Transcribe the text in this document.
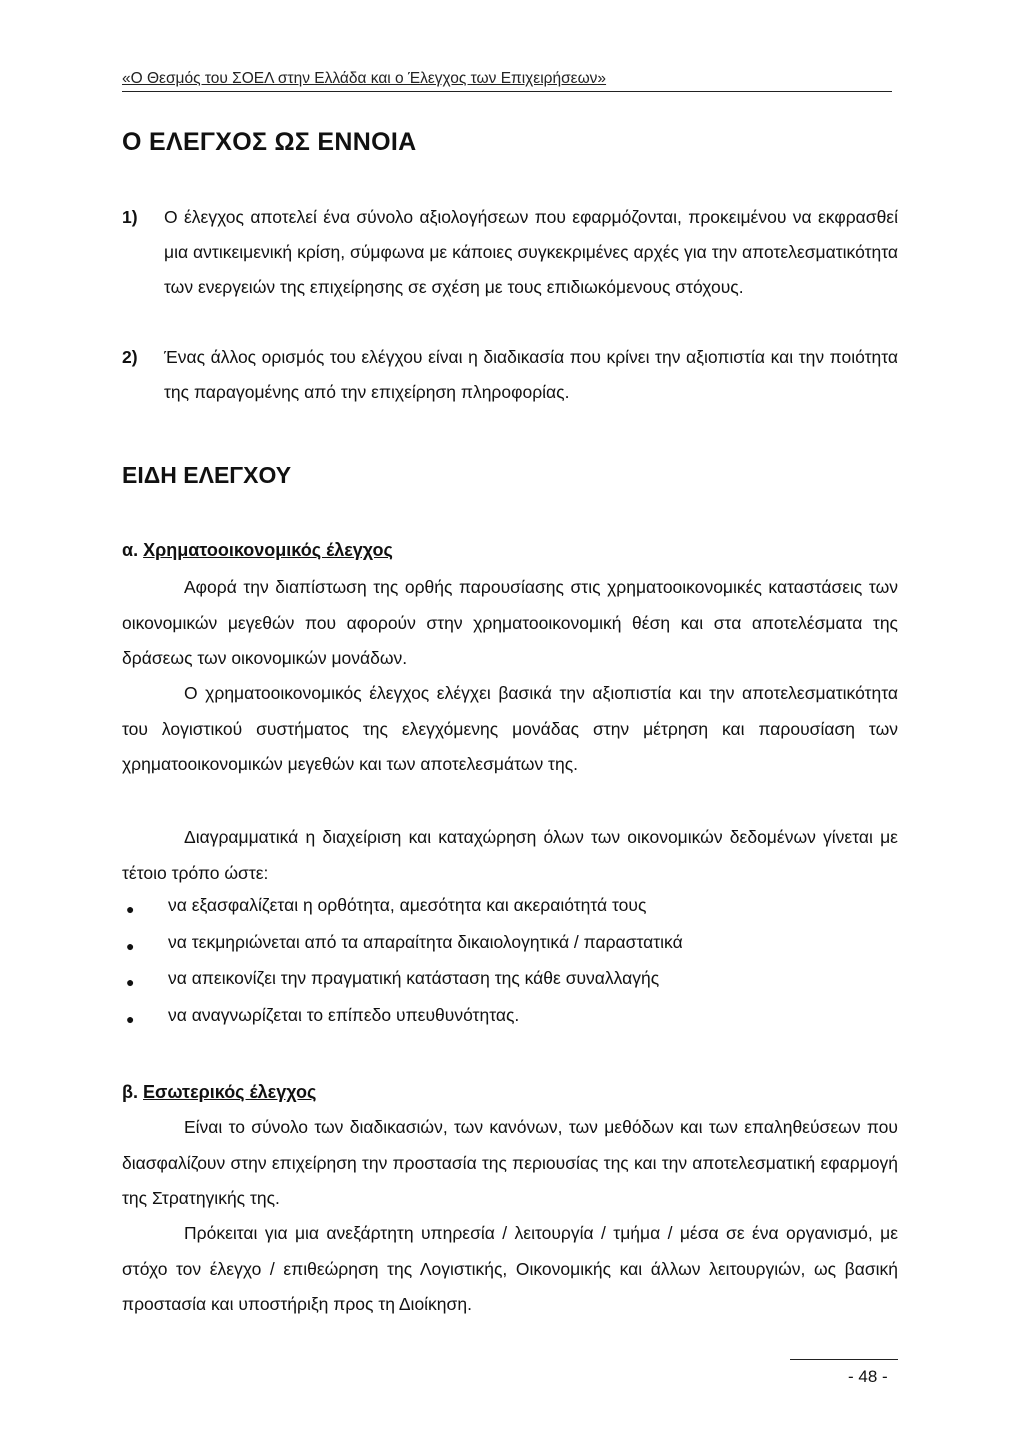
«Ο Θεσμός του ΣΟΕΛ στην Ελλάδα και ο Έλεγχος των Επιχειρήσεων»
Ο ΕΛΕΓΧΟΣ ΩΣ ΕΝΝΟΙΑ
1) Ο έλεγχος αποτελεί ένα σύνολο αξιολογήσεων που εφαρμόζονται, προκειμένου να εκφρασθεί μια αντικειμενική κρίση, σύμφωνα με κάποιες συγκεκριμένες αρχές για την αποτελεσματικότητα των ενεργειών της επιχείρησης σε σχέση με τους επιδιωκόμενους στόχους.
2) Ένας άλλος ορισμός του ελέγχου είναι η διαδικασία που κρίνει την αξιοπιστία και την ποιότητα της παραγομένης από την επιχείρηση πληροφορίας.
ΕΙΔΗ ΕΛΕΓΧΟΥ
α. Χρηματοοικονομικός έλεγχος
Αφορά την διαπίστωση της ορθής παρουσίασης στις χρηματοοικονομικές καταστάσεις των οικονομικών μεγεθών που αφορούν στην χρηματοοικονομική θέση και στα αποτελέσματα της δράσεως των οικονομικών μονάδων.
Ο χρηματοοικονομικός έλεγχος ελέγχει βασικά την αξιοπιστία και την αποτελεσματικότητα του λογιστικού συστήματος της ελεγχόμενης μονάδας στην μέτρηση και παρουσίαση των χρηματοοικονομικών μεγεθών και των αποτελεσμάτων της.
Διαγραμματικά η διαχείριση και καταχώρηση όλων των οικονομικών δεδομένων γίνεται με τέτοιο τρόπο ώστε:
● να εξασφαλίζεται η ορθότητα, αμεσότητα και ακεραιότητά τους
● να τεκμηριώνεται από τα απαραίτητα δικαιολογητικά / παραστατικά
● να απεικονίζει την πραγματική κατάσταση της κάθε συναλλαγής
● να αναγνωρίζεται το επίπεδο υπευθυνότητας.
β. Εσωτερικός έλεγχος
Είναι το σύνολο των διαδικασιών, των κανόνων, των μεθόδων και των επαληθεύσεων που διασφαλίζουν στην επιχείρηση την προστασία της περιουσίας της και την αποτελεσματική εφαρμογή της Στρατηγικής της.
Πρόκειται για μια ανεξάρτητη υπηρεσία / λειτουργία / τμήμα / μέσα σε ένα οργανισμό, με στόχο τον έλεγχο / επιθεώρηση της Λογιστικής, Οικονομικής και άλλων λειτουργιών, ως βασική προστασία και υποστήριξη προς τη Διοίκηση.
- 48 -
